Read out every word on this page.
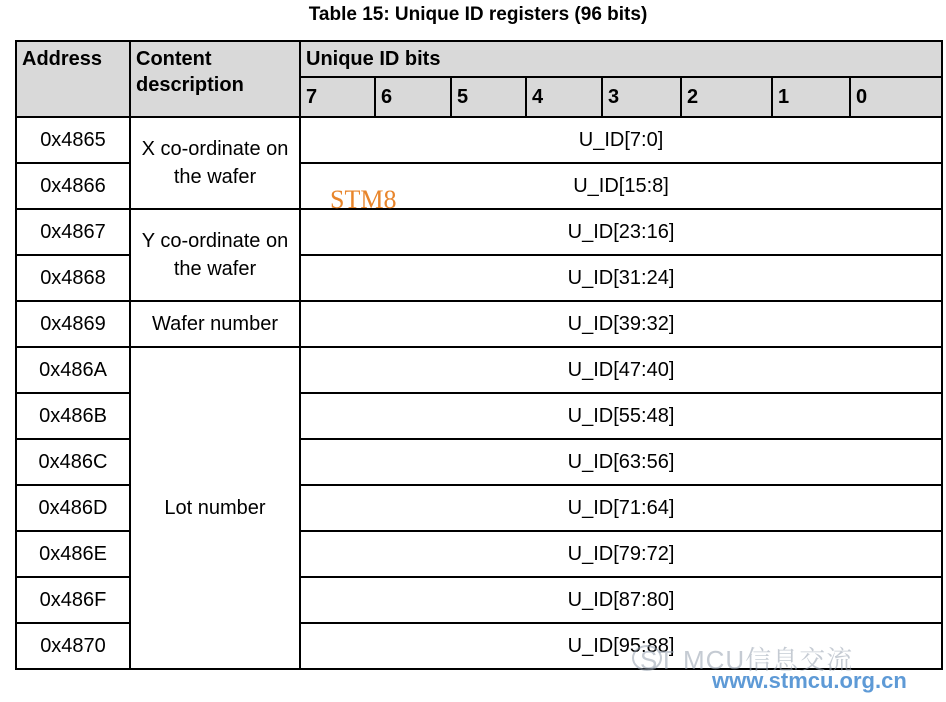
Table 15: Unique ID registers (96 bits)
Address	Content description	Unique ID bits							

		7	6	5	4	3	2	1	0

0x4865	X co-ordinate on the wafer	U_ID[7:0]							
0x4866		U_ID[15:8]							
0x4867	Y co-ordinate on the wafer	U_ID[23:16]							
0x4868		U_ID[31:24]							
0x4869	Wafer number	U_ID[39:32]							
0x486A	Lot number	U_ID[47:40]							
0x486B		U_ID[55:48]							
0x486C		U_ID[63:56]							
0x486D		U_ID[71:64]							
0x486E		U_ID[79:72]							
0x486F		U_ID[87:80]							
0x4870		U_ID[95:88]							
STM8
ST MCU信息交流
www.stmcu.org.cn
